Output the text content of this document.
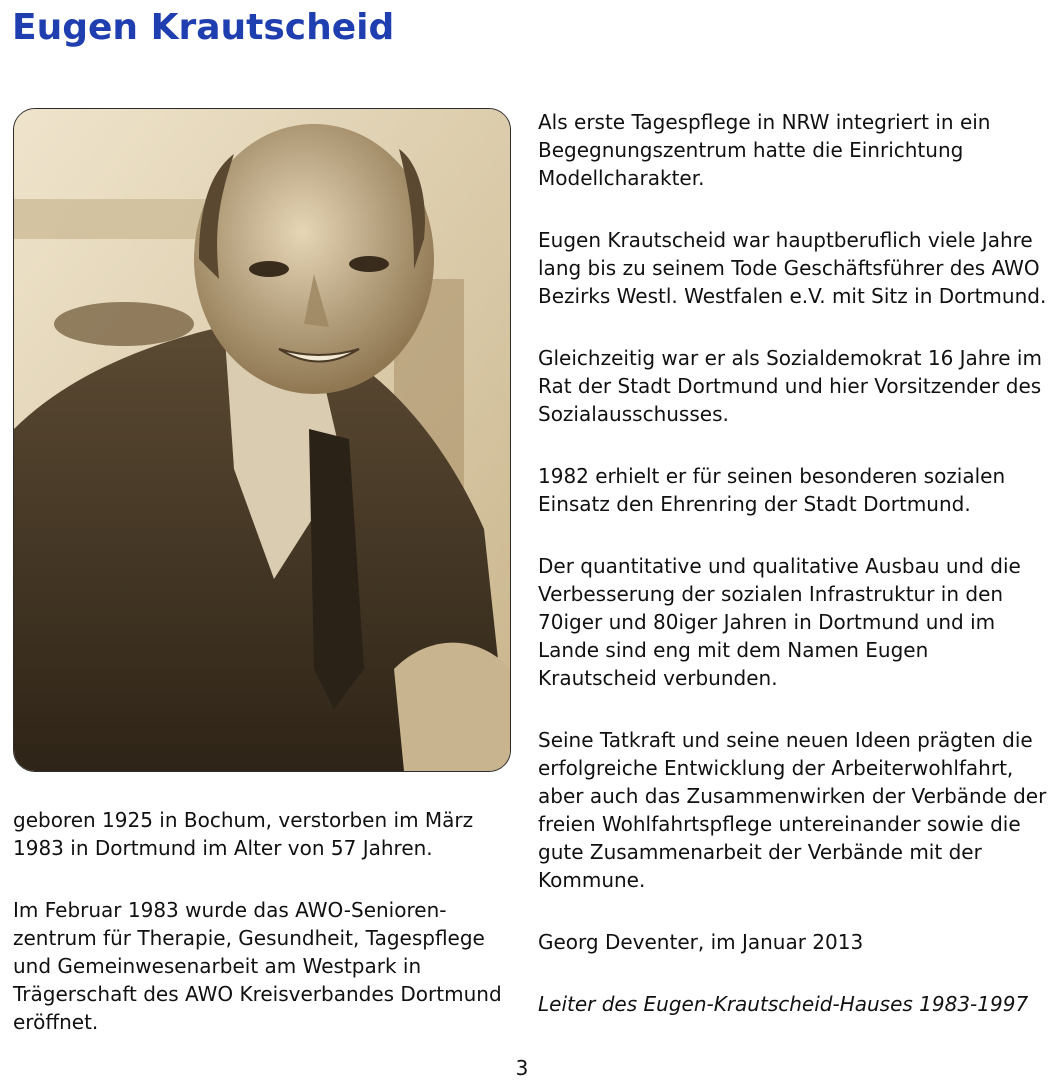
Eugen Krautscheid

geboren 1925 in Bochum, verstorben im März 1983 in Dortmund im Alter von 57 Jahren.

Im Februar 1983 wurde das AWO-Senioren-zentrum für Therapie, Gesundheit, Tagespflege und Gemeinwesenarbeit am Westpark in Trägerschaft des AWO Kreisverbandes Dortmund eröffnet.

Als erste Tagespflege in NRW integriert in ein Begegnungszentrum hatte die Einrichtung Modellcharakter.

Eugen Krautscheid war hauptberuflich viele Jahre lang bis zu seinem Tode Geschäftsführer des AWO Bezirks Westl. Westfalen e.V. mit Sitz in Dortmund.

Gleichzeitig war er als Sozialdemokrat 16 Jahre im Rat der Stadt Dortmund und hier Vorsitzender des Sozialausschusses.

1982 erhielt er für seinen besonderen sozialen Einsatz den Ehrenring der Stadt Dortmund.

Der quantitative und qualitative Ausbau und die Verbesserung der sozialen Infrastruktur in den 70iger und 80iger Jahren in Dortmund und im Lande sind eng mit dem Namen Eugen Krautscheid verbunden.

Seine Tatkraft und seine neuen Ideen prägten die erfolgreiche Entwicklung der Arbeiterwohlfahrt, aber auch das Zusammenwirken der Verbände der freien Wohlfahrtspflege untereinander sowie die gute Zusammenarbeit der Verbände mit der Kommune.

Georg Deventer, im Januar 2013

Leiter des Eugen-Krautscheid-Hauses 1983-1997

3
